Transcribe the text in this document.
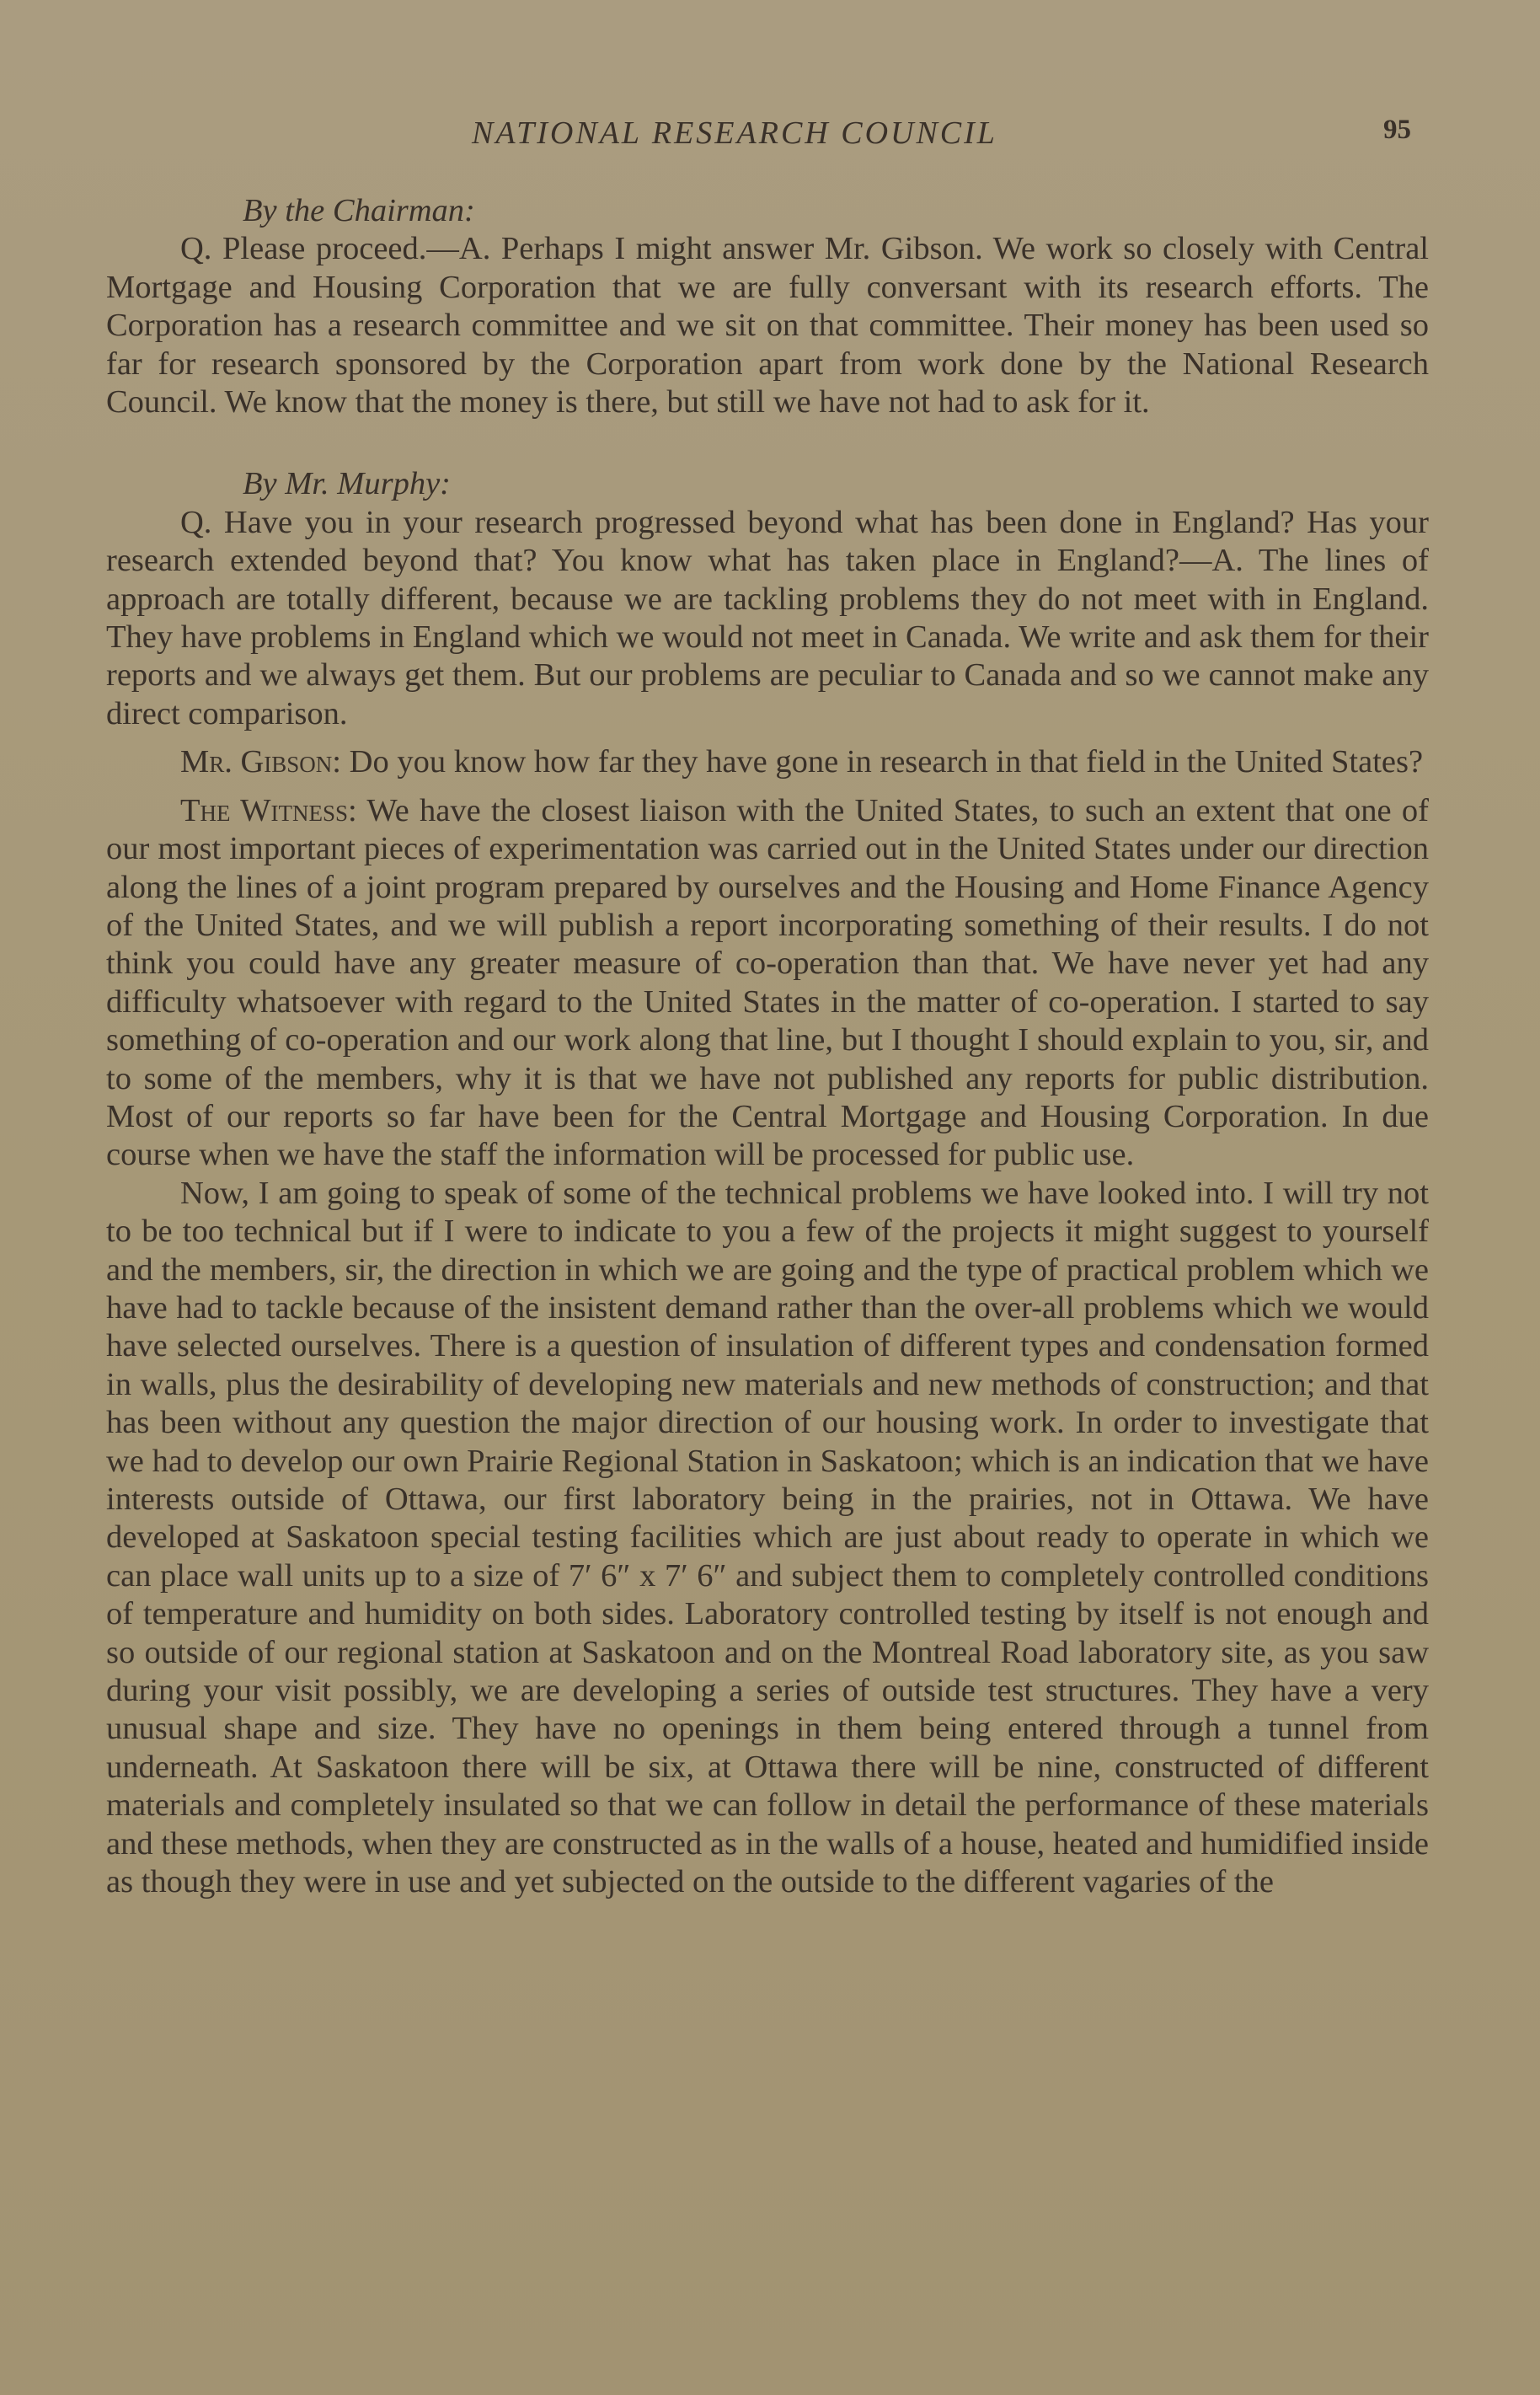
NATIONAL RESEARCH COUNCIL	95

By the Chairman:

Q. Please proceed.—A. Perhaps I might answer Mr. Gibson. We work so closely with Central Mortgage and Housing Corporation that we are fully conversant with its research efforts. The Corporation has a research committee and we sit on that committee. Their money has been used so far for research sponsored by the Corporation apart from work done by the National Research Council. We know that the money is there, but still we have not had to ask for it.

By Mr. Murphy:

Q. Have you in your research progressed beyond what has been done in England? Has your research extended beyond that? You know what has taken place in England?—A. The lines of approach are totally different, because we are tackling problems they do not meet with in England. They have problems in England which we would not meet in Canada. We write and ask them for their reports and we always get them. But our problems are peculiar to Canada and so we cannot make any direct comparison.

Mr. Gibson: Do you know how far they have gone in research in that field in the United States?

The Witness: We have the closest liaison with the United States, to such an extent that one of our most important pieces of experimentation was carried out in the United States under our direction along the lines of a joint program prepared by ourselves and the Housing and Home Finance Agency of the United States, and we will publish a report incorporating something of their results. I do not think you could have any greater measure of co-operation than that. We have never yet had any difficulty whatsoever with regard to the United States in the matter of co-operation. I started to say something of co-operation and our work along that line, but I thought I should explain to you, sir, and to some of the members, why it is that we have not published any reports for public distribution. Most of our reports so far have been for the Central Mortgage and Housing Corporation. In due course when we have the staff the information will be processed for public use.

Now, I am going to speak of some of the technical problems we have looked into. I will try not to be too technical but if I were to indicate to you a few of the projects it might suggest to yourself and the members, sir, the direction in which we are going and the type of practical problem which we have had to tackle because of the insistent demand rather than the over-all problems which we would have selected ourselves. There is a question of insulation of different types and condensation formed in walls, plus the desirability of developing new materials and new methods of construction; and that has been without any question the major direction of our housing work. In order to investigate that we had to develop our own Prairie Regional Station in Saskatoon; which is an indication that we have interests outside of Ottawa, our first laboratory being in the prairies, not in Ottawa. We have developed at Saskatoon special testing facilities which are just about ready to operate in which we can place wall units up to a size of 7′ 6″ x 7′ 6″ and subject them to completely controlled conditions of temperature and humidity on both sides. Laboratory controlled testing by itself is not enough and so outside of our regional station at Saskatoon and on the Montreal Road laboratory site, as you saw during your visit possibly, we are developing a series of outside test structures. They have a very unusual shape and size. They have no openings in them being entered through a tunnel from underneath. At Saskatoon there will be six, at Ottawa there will be nine, constructed of different materials and completely insulated so that we can follow in detail the performance of these materials and these methods, when they are constructed as in the walls of a house, heated and humidified inside as though they were in use and yet subjected on the outside to the different vagaries of the
